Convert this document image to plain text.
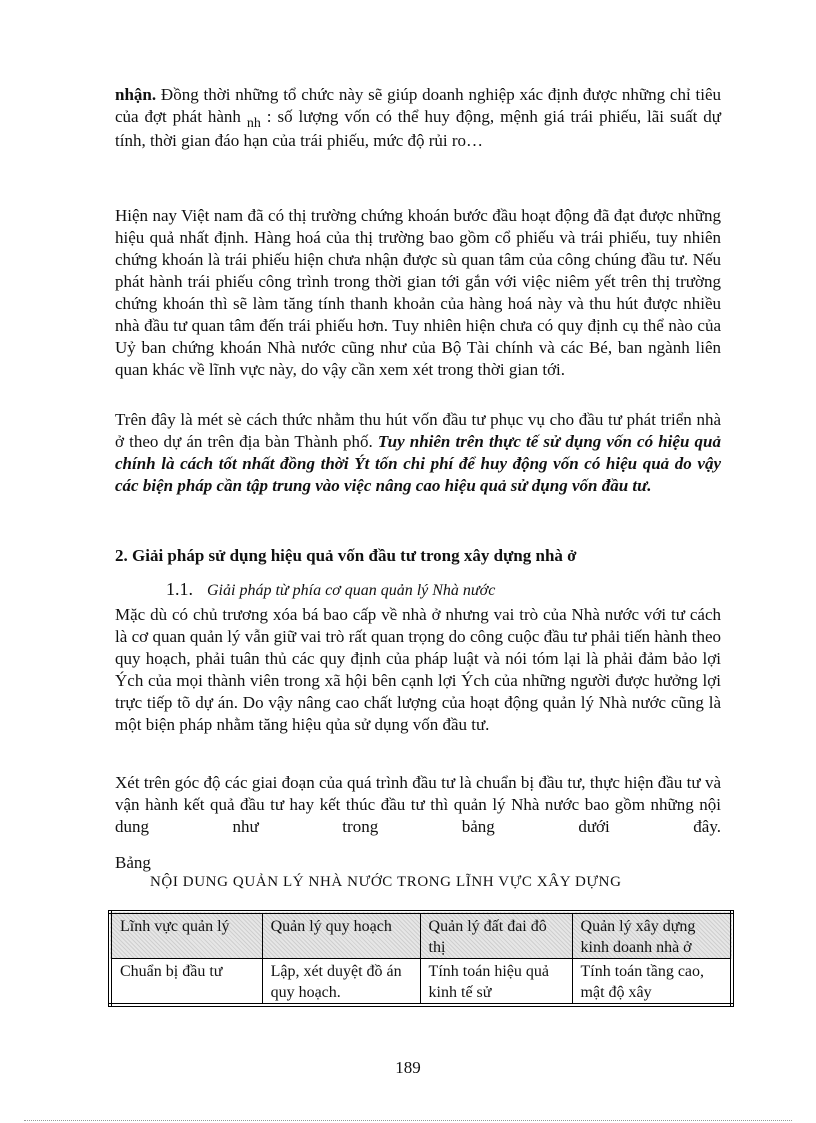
nhận. Đồng thời những tổ chức này sẽ giúp doanh nghiệp xác định được những chỉ tiêu của đợt phát hành $_{nh}$ : số lượng vốn có thể huy động, mệnh giá trái phiếu, lãi suất dự tính, thời gian đáo hạn của trái phiếu, mức độ rủi ro…

Hiện nay Việt nam đã có thị trường chứng khoán bước đầu hoạt động đã đạt được những hiệu quả nhất định. Hàng hoá của thị trường bao gồm cổ phiếu và trái phiếu, tuy nhiên chứng khoán là trái phiếu hiện chưa nhận được sù quan tâm của công chúng đầu tư. Nếu phát hành trái phiếu công trình trong thời gian tới gắn với việc niêm yết trên thị trường chứng khoán thì sẽ làm tăng tính thanh khoản của hàng hoá này và thu hút được nhiều nhà đầu tư quan tâm đến trái phiếu hơn. Tuy nhiên hiện chưa có quy định cụ thể nào của Uỷ ban chứng khoán Nhà nước cũng như của Bộ Tài chính và các Bé, ban ngành liên quan khác về lĩnh vực này, do vậy cần xem xét trong thời gian tới.

Trên đây là mét sè cách thức nhằm thu hút vốn đầu tư phục vụ cho đầu tư phát triển nhà ở theo dự án trên địa bàn Thành phố. Tuy nhiên trên thực tế sử dụng vốn có hiệu quả chính là cách tốt nhất đồng thời Ýt tốn chi phí để huy động vốn có hiệu quả do vậy các biện pháp cần tập trung vào việc nâng cao hiệu quả sử dụng vốn đầu tư.

2. Giải pháp sử dụng hiệu quả vốn đầu tư trong xây dựng nhà ở
1.1. Giải pháp từ phía cơ quan quản lý Nhà nước

Mặc dù có chủ trương xóa bá bao cấp về nhà ở nhưng vai trò của Nhà nước với tư cách là cơ quan quản lý vẫn giữ vai trò rất quan trọng do công cuộc đầu tư phải tiến hành theo quy hoạch, phải tuân thủ các quy định của pháp luật và nói tóm lại là phải đảm bảo lợi Ých của mọi thành viên trong xã hội bên cạnh lợi Ých của những người được hưởng lợi trực tiếp tõ dự án. Do vậy nâng cao chất lượng của hoạt động quản lý Nhà nước cũng là một biện pháp nhằm tăng hiệu qủa sử dụng vốn đầu tư.

Xét trên góc độ các giai đoạn của quá trình đầu tư là chuẩn bị đầu tư, thực hiện đầu tư và vận hành kết quả đầu tư hay kết thúc đầu tư thì quản lý Nhà nước bao gồm những nội dung như trong bảng dưới đây.

Bảng
NỘI DUNG QUẢN LÝ NHÀ NƯỚC TRONG LĨNH VỰC XÂY DỰNG
Lĩnh vực quản lý	Quản lý quy hoạch	Quản lý đất đai đô thị	Quản lý xây dựng kinh doanh nhà ở
Chuẩn bị đầu tư	Lập, xét duyệt đồ án quy hoạch.	Tính toán hiệu quả kinh tế sử	Tính toán tầng cao, mật độ xây
189
